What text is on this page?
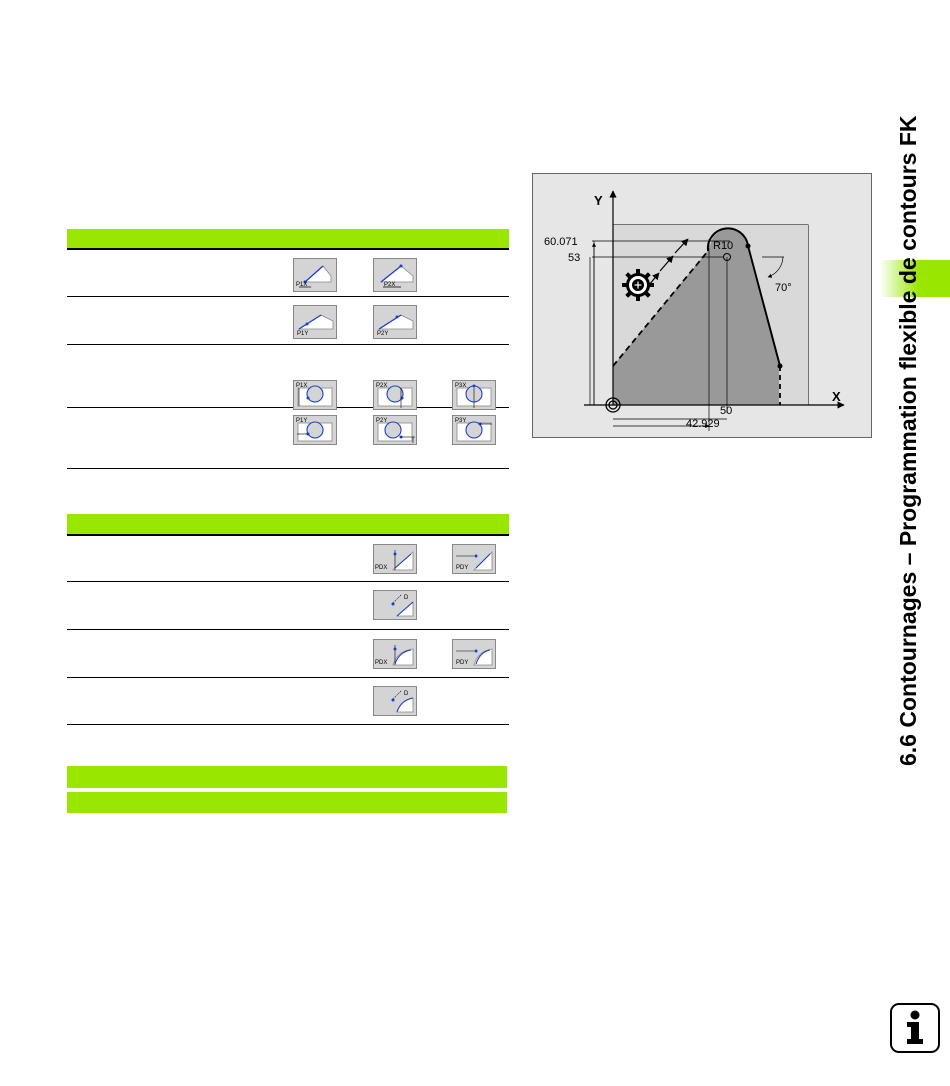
P1X	P2X
P1Y	P2Y
P1X	P2X	P3X
P1Y	P2Y	P3Y
PDX	PDY
D
PDX	PDY
D
Y
X
60.071
53
50
42.929
R10
70°	6.6 Contournages – Programmation flexible de contours FK
